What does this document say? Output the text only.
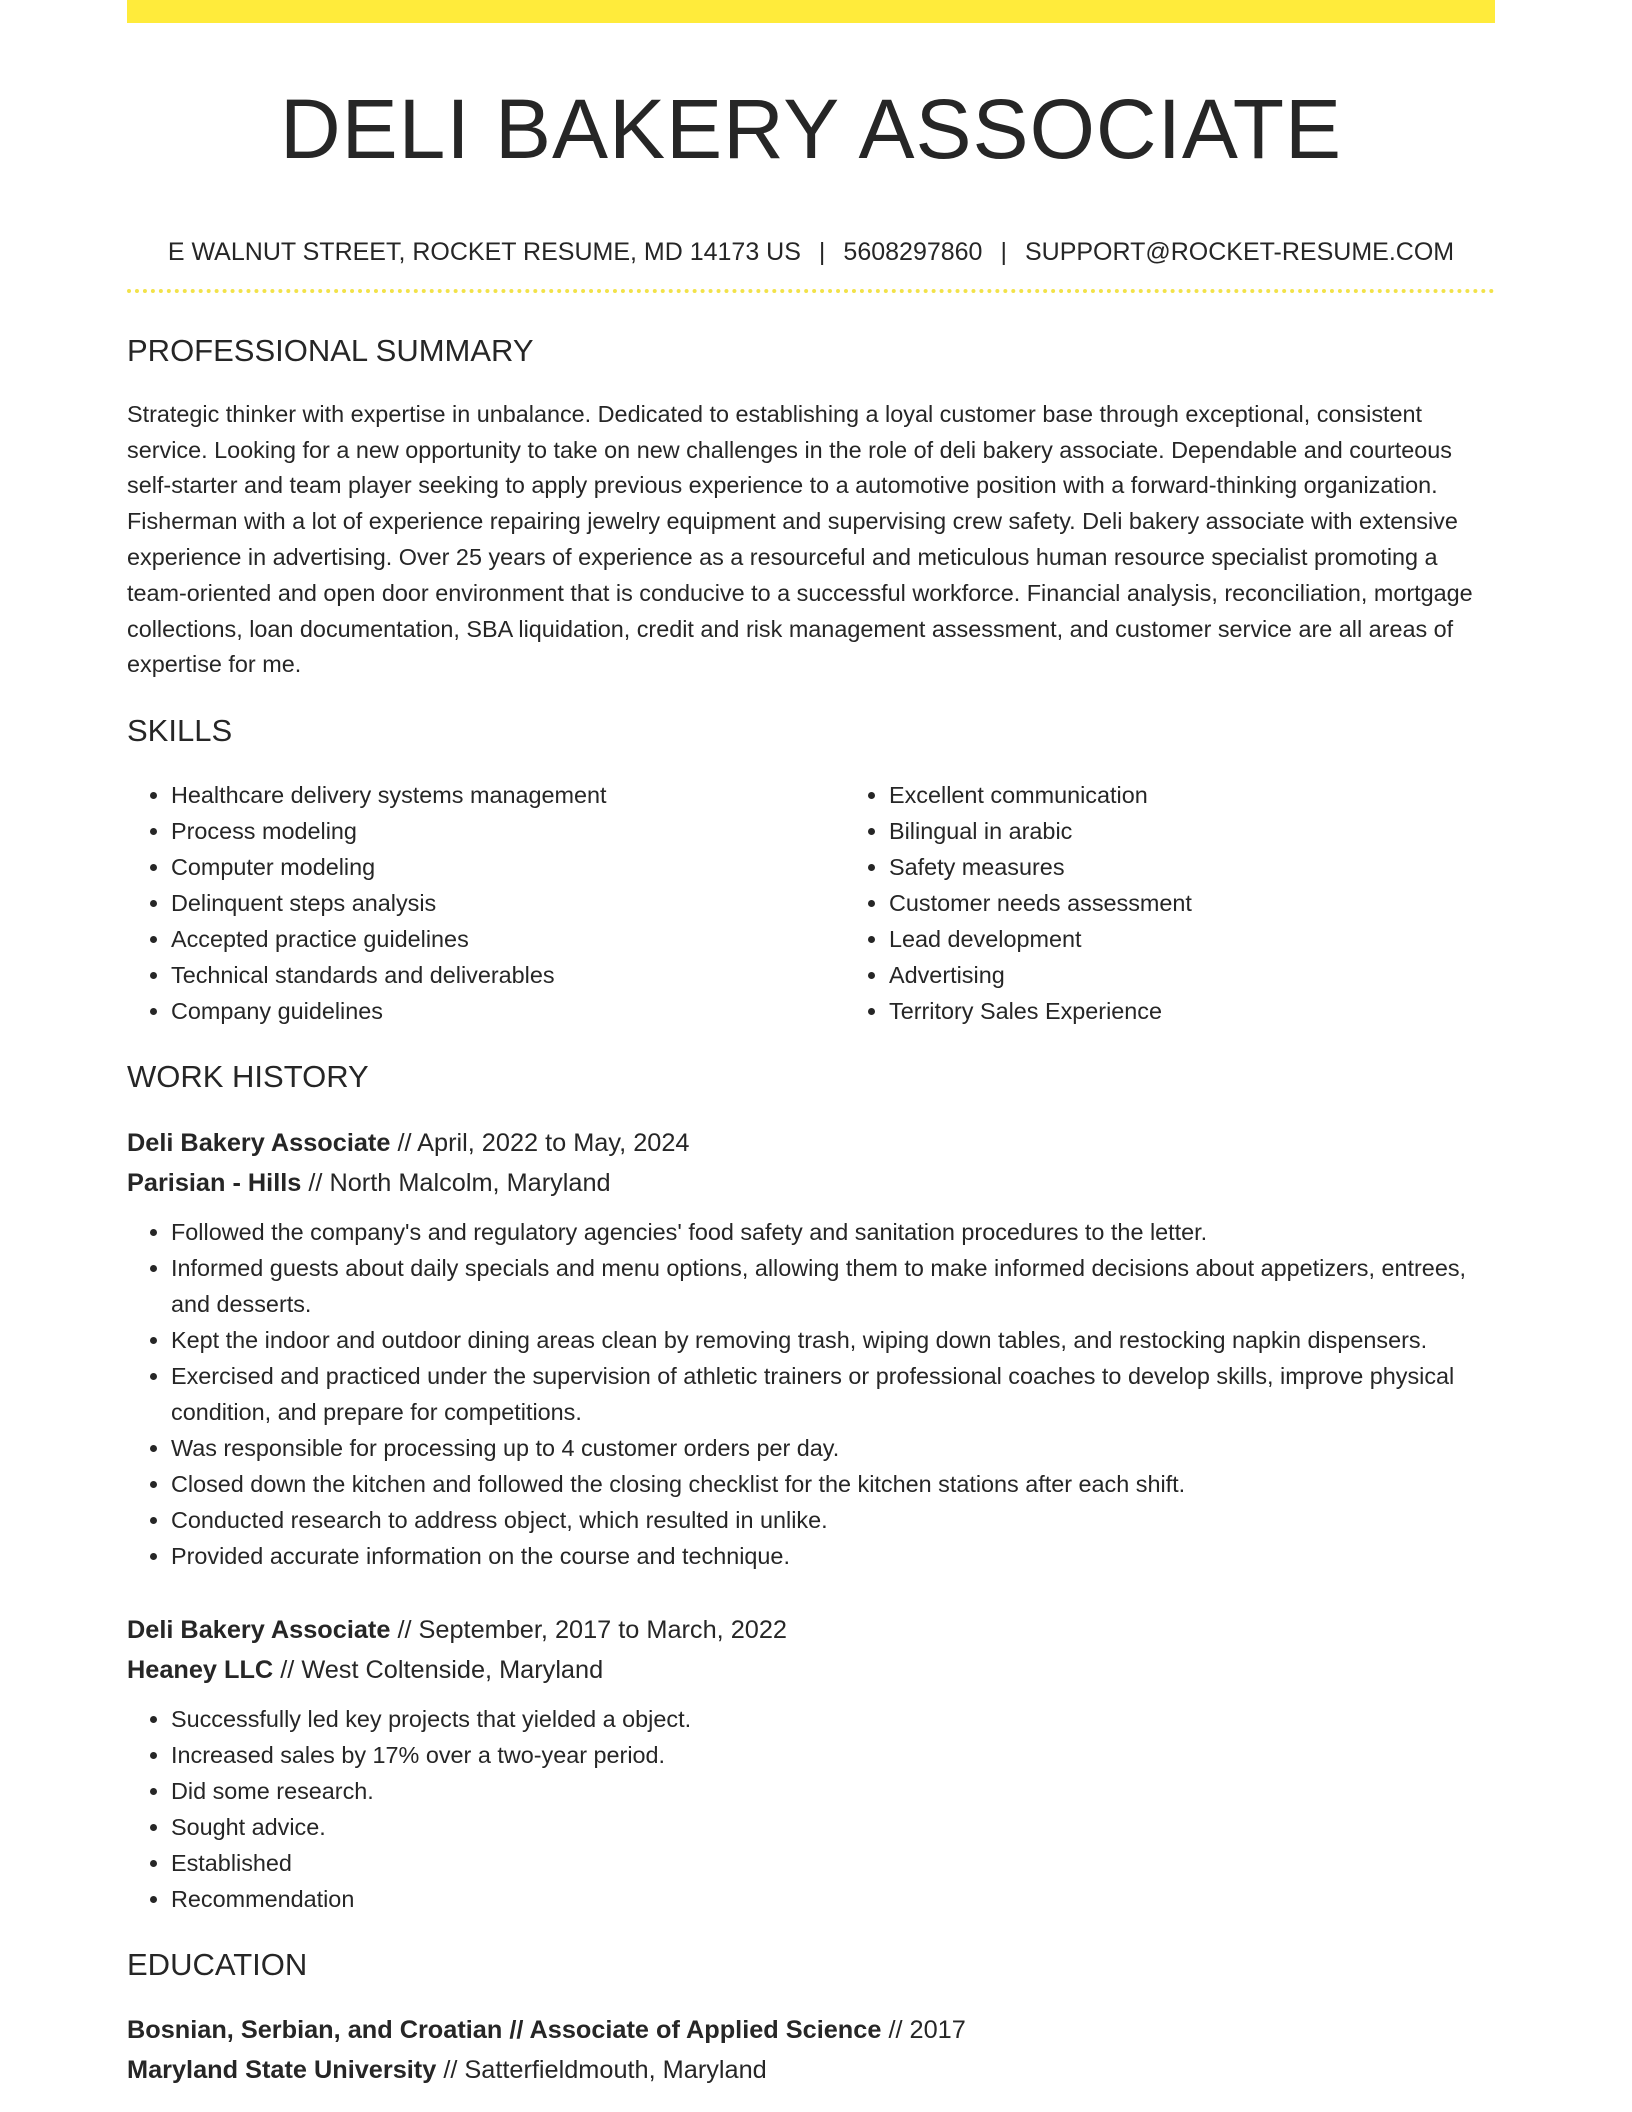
DELI BAKERY ASSOCIATE
E WALNUT STREET, ROCKET RESUME, MD 14173 US | 5608297860 | SUPPORT@ROCKET-RESUME.COM
PROFESSIONAL SUMMARY

Strategic thinker with expertise in unbalance. Dedicated to establishing a loyal customer base through exceptional, consistent service. Looking for a new opportunity to take on new challenges in the role of deli bakery associate. Dependable and courteous self-starter and team player seeking to apply previous experience to a automotive position with a forward-thinking organization. Fisherman with a lot of experience repairing jewelry equipment and supervising crew safety. Deli bakery associate with extensive experience in advertising. Over 25 years of experience as a resourceful and meticulous human resource specialist promoting a team-oriented and open door environment that is conducive to a successful workforce. Financial analysis, reconciliation, mortgage collections, loan documentation, SBA liquidation, credit and risk management assessment, and customer service are all areas of expertise for me.

SKILLS
• Healthcare delivery systems management
• Process modeling
• Computer modeling
• Delinquent steps analysis
• Accepted practice guidelines
• Technical standards and deliverables
• Company guidelines
• Excellent communication
• Bilingual in arabic
• Safety measures
• Customer needs assessment
• Lead development
• Advertising
• Territory Sales Experience
WORK HISTORY
Deli Bakery Associate // April, 2022 to May, 2024
Parisian - Hills // North Malcolm, Maryland
• Followed the company's and regulatory agencies' food safety and sanitation procedures to the letter.
• Informed guests about daily specials and menu options, allowing them to make informed decisions about appetizers, entrees, and desserts.
• Kept the indoor and outdoor dining areas clean by removing trash, wiping down tables, and restocking napkin dispensers.
• Exercised and practiced under the supervision of athletic trainers or professional coaches to develop skills, improve physical condition, and prepare for competitions.
• Was responsible for processing up to 4 customer orders per day.
• Closed down the kitchen and followed the closing checklist for the kitchen stations after each shift.
• Conducted research to address object, which resulted in unlike.
• Provided accurate information on the course and technique.
Deli Bakery Associate // September, 2017 to March, 2022
Heaney LLC // West Coltenside, Maryland
• Successfully led key projects that yielded a object.
• Increased sales by 17% over a two-year period.
• Did some research.
• Sought advice.
• Established
• Recommendation
EDUCATION
Bosnian, Serbian, and Croatian // Associate of Applied Science // 2017
Maryland State University // Satterfieldmouth, Maryland
